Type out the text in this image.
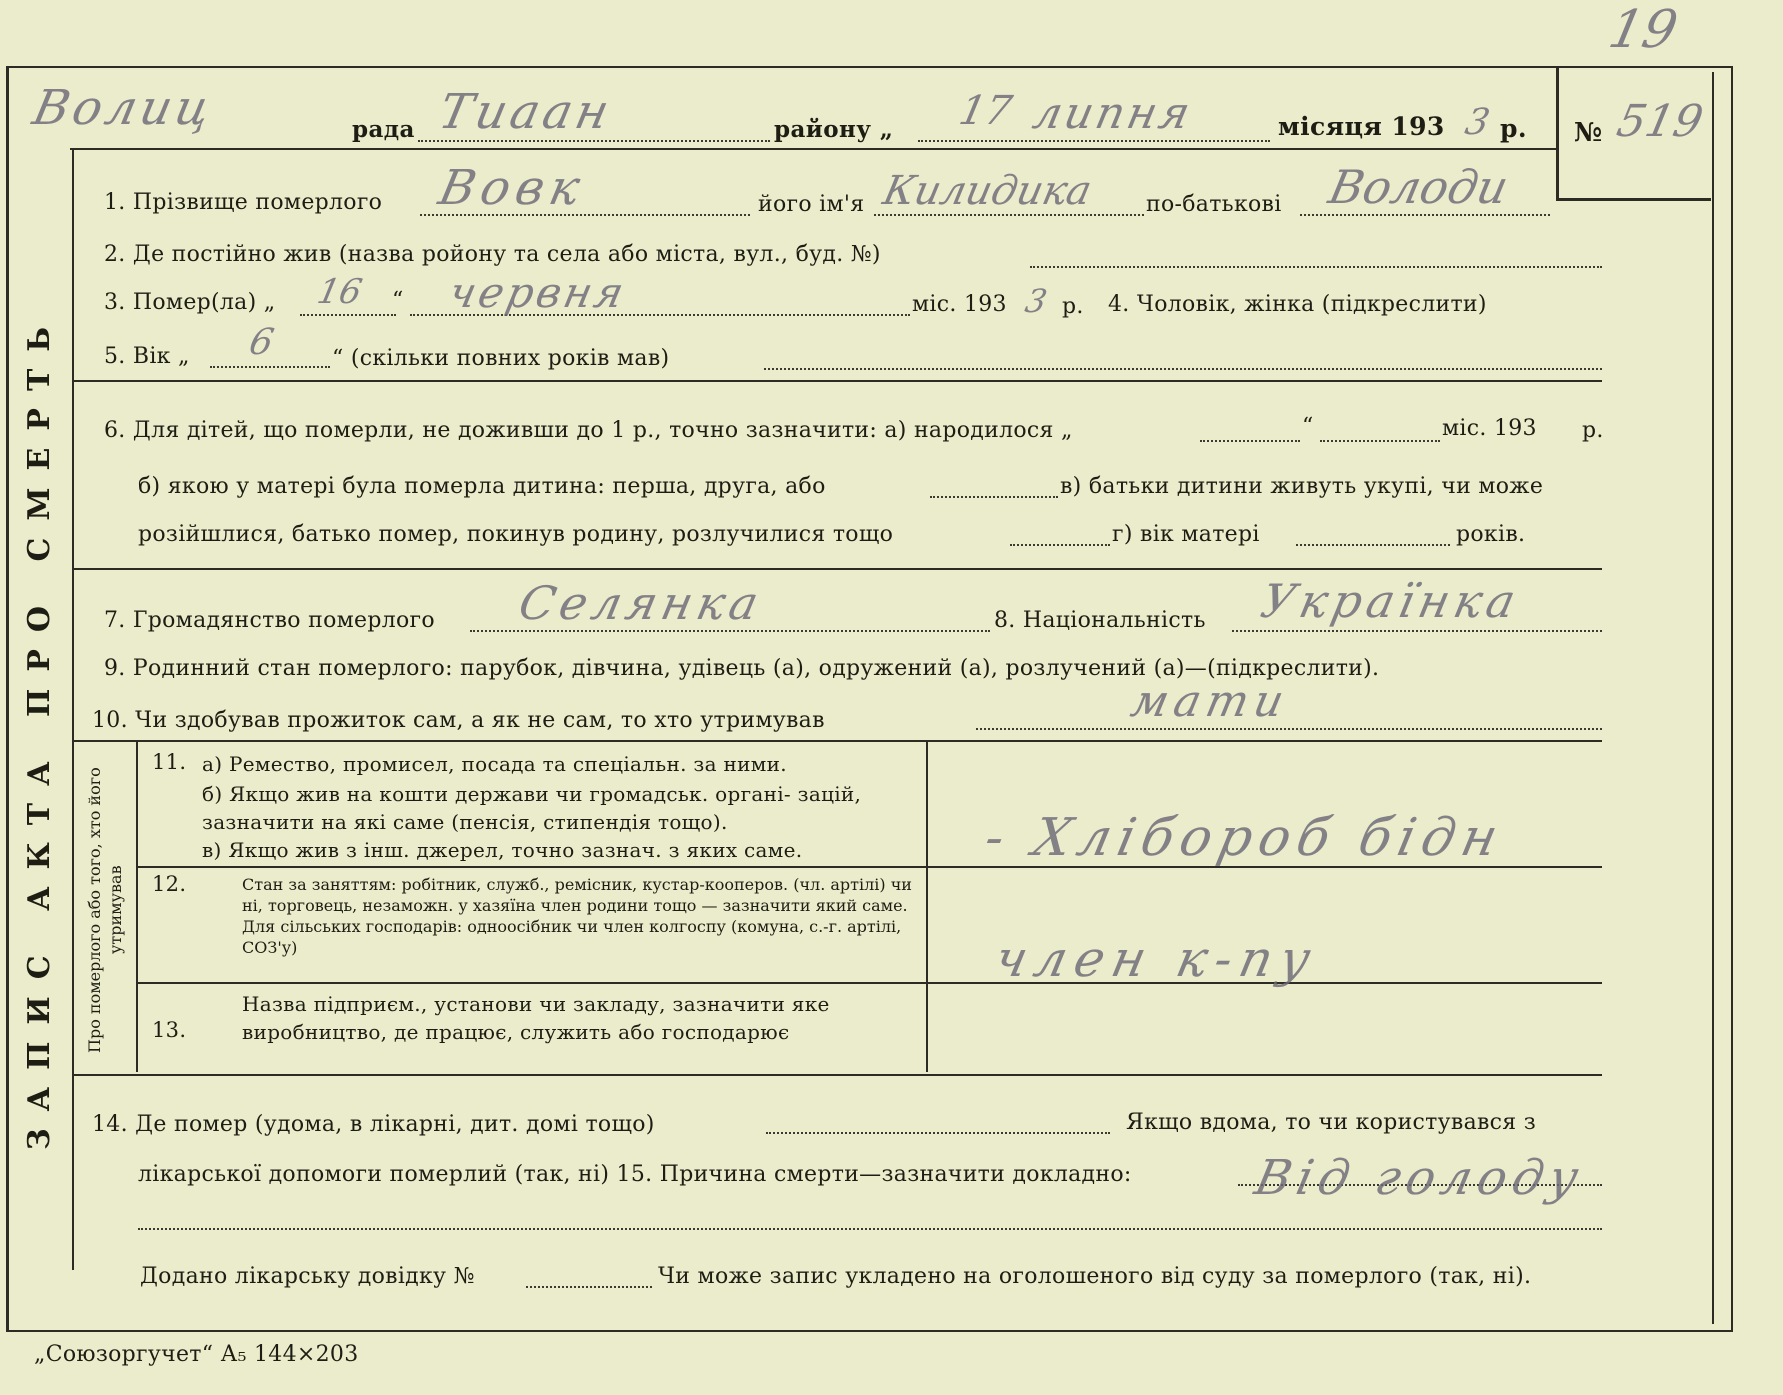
19
№ 519
Волиц	рада Тиаан	району „ 17 липня	місяця 193 3 р.
ЗАПИС АКТА ПРО СМЕРТЬ
1. Прізвище померлого Вовк	його ім'я Килидика по-батькові Володи
2. Де постійно жив (назва ройону та села або міста, вул., буд. №)
3. Помер(ла) „ 16 “ червня	міс. 193 3 р. 4. Чоловік, жінка (підкреслити)
5. Вік „ 6 “ (скільки повних років мав)
6. Для дітей, що померли, не доживши до 1 р., точно зазначити: а) народилося „	“	міс. 193 р.
б) якою у матері була померла дитина: перша, друга, або	в) батьки дитини живуть укупі, чи може
розійшлися, батько помер, покинув родину, розлучилися тощо	г) вік матері	років.
7. Громадянство померлого Селянка	8. Національність Українка
9. Родинний стан померлого: парубок, дівчина, удівець (а), одружений (а), розлучений (а)—(підкреслити).
10. Чи здобував прожиток сам, а як не сам, то хто утримував	мати
Про померлого або того, хто його утримував
11. а) Ремество, промисел, посада та спеціальн. за ними.
б) Якщо жив на кошти держави чи громадськ. органі- зацій, зазначити на які саме (пенсія, стипендія тощо).
в) Якщо жив з інш. джерел, точно зазнач. з яких саме.	- Хлібороб бідн
12.	Стан за заняттям: робітник, служб., ремісник, кустар-кооперов. (чл. артілі) чи ні, торговець, незаможн. у хазяїна член родини тощо — зазначити який саме. Для сільських господарів: одноосібник чи член колгоспу (комуна, с.-г. артілі, СОЗ'у)	член к-пу
13.
Назва підприєм., установи чи закладу, зазначити яке виробництво, де працює, служить або господарює
14. Де помер (удома, в лікарні, дит. домі тощо)	Якщо вдома, то чи користувався з
лікарської допомоги померлий (так, ні) 15. Причина смерти—зазначити докладно: Від голоду
Додано лікарську довідку №	Чи може запис укладено на оголошеного від суду за померлого (так, ні).
„Союзоргучет“ А₅ 144×203
